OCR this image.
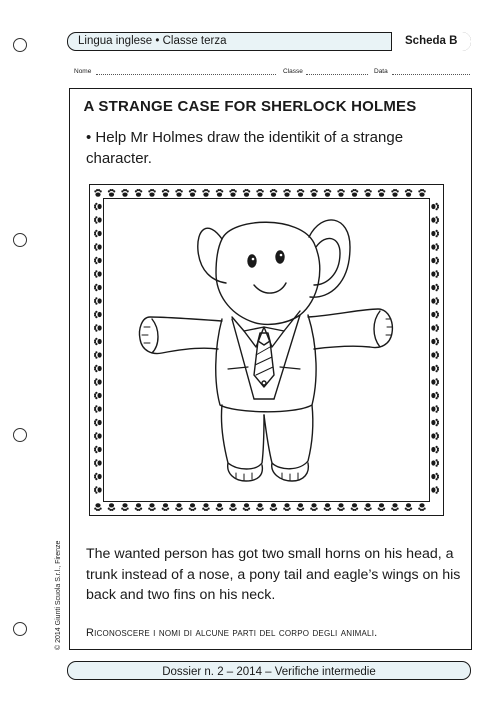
Lingua inglese • Classe terza	Scheda B
Nome	Classe	Data
A STRANGE CASE FOR SHERLOCK HOLMES
• Help Mr Holmes draw the identikit of a strange character.
The wanted person has got two small horns on his head, a trunk instead of a nose, a pony tail and eagle’s wings on his back and two fins on his neck.
Riconoscere i nomi di alcune parti del corpo degli animali.
© 2014 Giunti Scuola S.r.l., Firenze
Dossier n. 2 – 2014 – Verifiche intermedie
